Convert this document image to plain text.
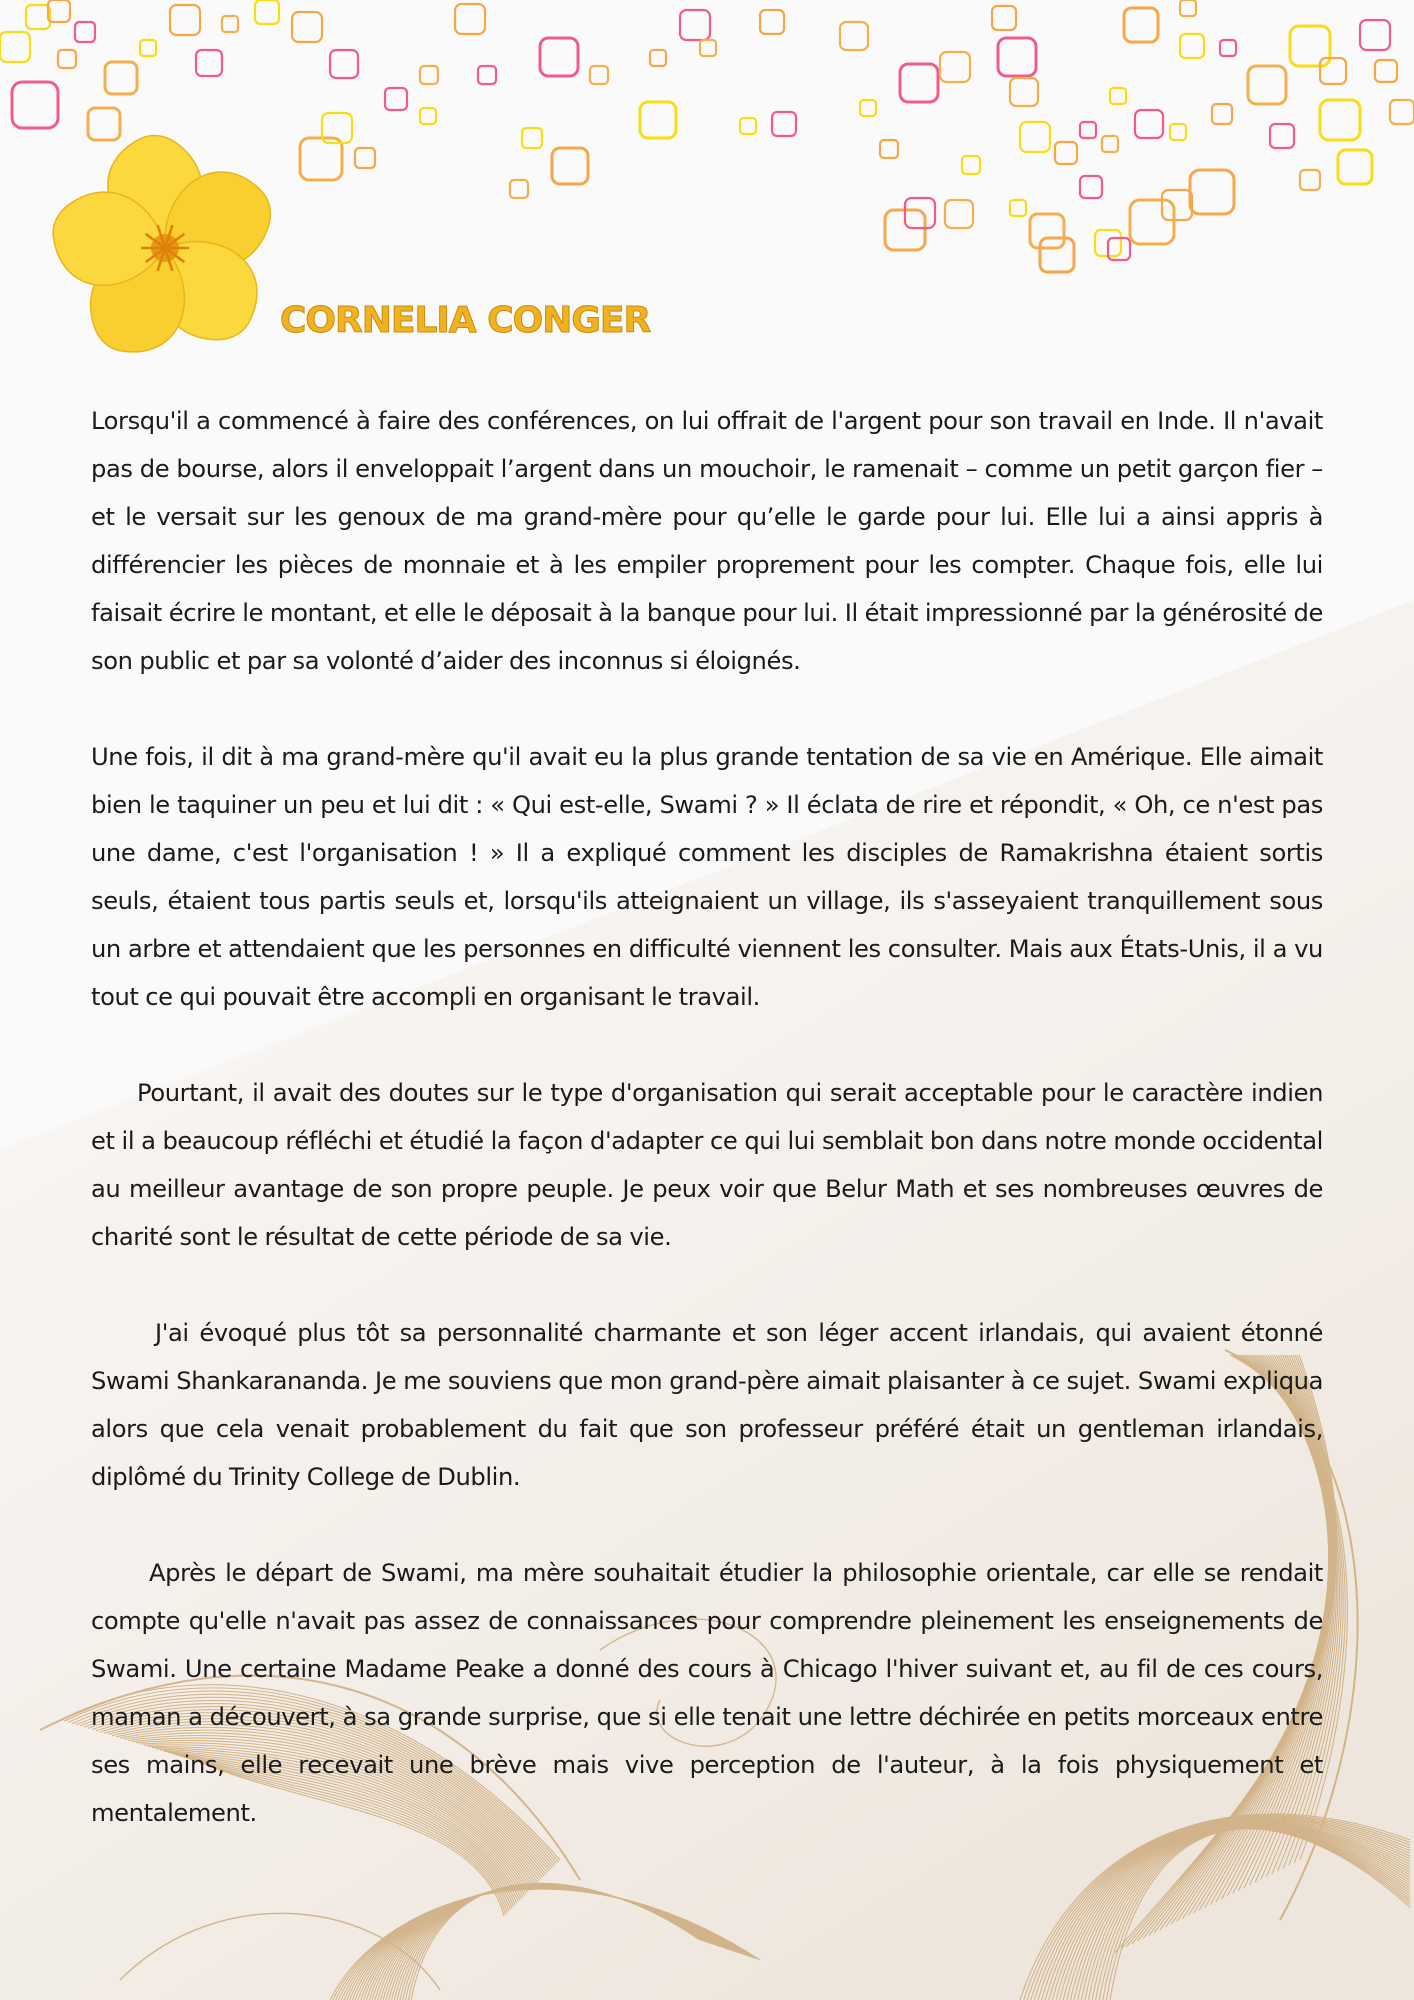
CORNELIA CONGER

Lorsqu'il a commencé à faire des conférences, on lui offrait de l'argent pour son travail en Inde. Il n'avait pas de bourse, alors il enveloppait l’argent dans un mouchoir, le ramenait – comme un petit garçon fier – et le versait sur les genoux de ma grand-mère pour qu’elle le garde pour lui. Elle lui a ainsi appris à différencier les pièces de monnaie et à les empiler proprement pour les compter. Chaque fois, elle lui faisait écrire le montant, et elle le déposait à la banque pour lui. Il était impressionné par la générosité de son public et par sa volonté d’aider des inconnus si éloignés.

Une fois, il dit à ma grand-mère qu'il avait eu la plus grande tentation de sa vie en Amérique. Elle aimait bien le taquiner un peu et lui dit : « Qui est-elle, Swami ? » Il éclata de rire et répondit, « Oh, ce n'est pas une dame, c'est l'organisation ! » Il a expliqué comment les disciples de Ramakrishna étaient sortis seuls, étaient tous partis seuls et, lorsqu'ils atteignaient un village, ils s'asseyaient tranquillement sous un arbre et attendaient que les personnes en difficulté viennent les consulter. Mais aux États-Unis, il a vu tout ce qui pouvait être accompli en organisant le travail.

Pourtant, il avait des doutes sur le type d'organisation qui serait acceptable pour le caractère indien et il a beaucoup réfléchi et étudié la façon d'adapter ce qui lui semblait bon dans notre monde occidental au meilleur avantage de son propre peuple. Je peux voir que Belur Math et ses nombreuses œuvres de charité sont le résultat de cette période de sa vie.

J'ai évoqué plus tôt sa personnalité charmante et son léger accent irlandais, qui avaient étonné Swami Shankarananda. Je me souviens que mon grand-père aimait plaisanter à ce sujet. Swami expliqua alors que cela venait probablement du fait que son professeur préféré était un gentleman irlandais, diplômé du Trinity College de Dublin.

Après le départ de Swami, ma mère souhaitait étudier la philosophie orientale, car elle se rendait compte qu'elle n'avait pas assez de connaissances pour comprendre pleinement les enseignements de Swami. Une certaine Madame Peake a donné des cours à Chicago l'hiver suivant et, au fil de ces cours, maman a découvert, à sa grande surprise, que si elle tenait une lettre déchirée en petits morceaux entre ses mains, elle recevait une brève mais vive perception de l'auteur, à la fois physiquement et mentalement.
